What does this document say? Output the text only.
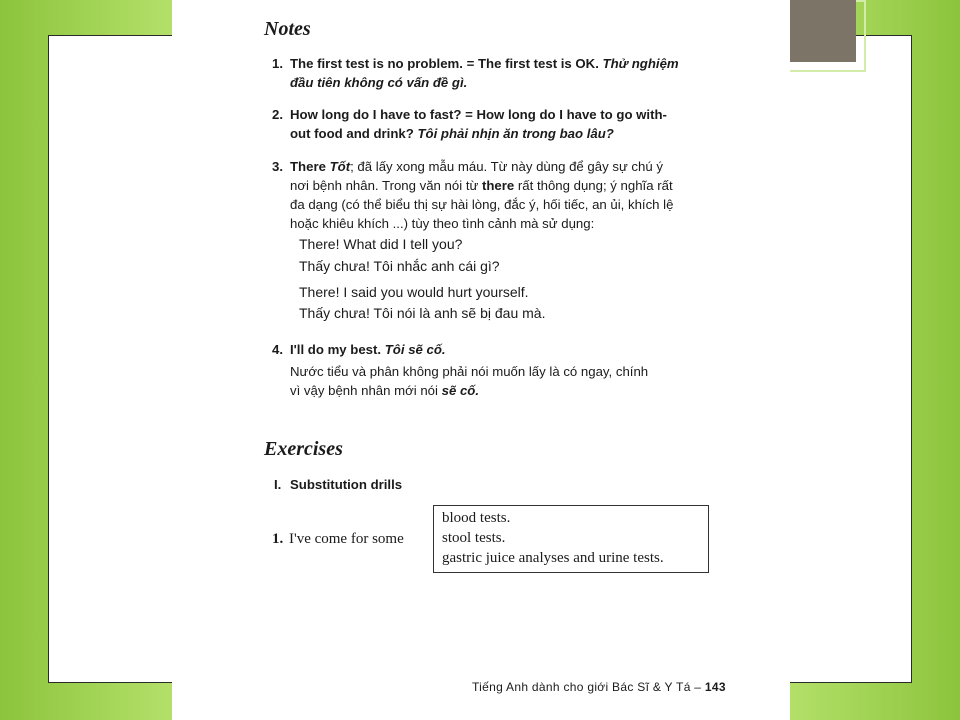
Notes
1. The first test is no problem. = The first test is OK. Thử nghiệm
đầu tiên không có vấn đề gì.
2. How long do I have to fast? = How long do I have to go with-
out food and drink? Tôi phải nhịn ăn trong bao lâu?
3. There Tốt; đã lấy xong mẫu máu. Từ này dùng để gây sự chú ý
nơi bệnh nhân. Trong văn nói từ there rất thông dụng; ý nghĩa rất
đa dạng (có thể biểu thị sự hài lòng, đắc ý, hối tiếc, an ủi, khích lệ
hoặc khiêu khích ...) tùy theo tình cảnh mà sử dụng:
There! What did I tell you?
Thấy chưa! Tôi nhắc anh cái gì?
There! I said you would hurt yourself.
Thấy chưa! Tôi nói là anh sẽ bị đau mà.
4. I'll do my best. Tôi sẽ cố.
Nước tiểu và phân không phải nói muốn lấy là có ngay, chính
vì vậy bệnh nhân mới nói sẽ cố.
Exercises
I. Substitution drills
1. I've come for some
blood tests.
stool tests.
gastric juice analyses and urine tests.
Tiếng Anh dành cho giới Bác Sĩ & Y Tá – 143
